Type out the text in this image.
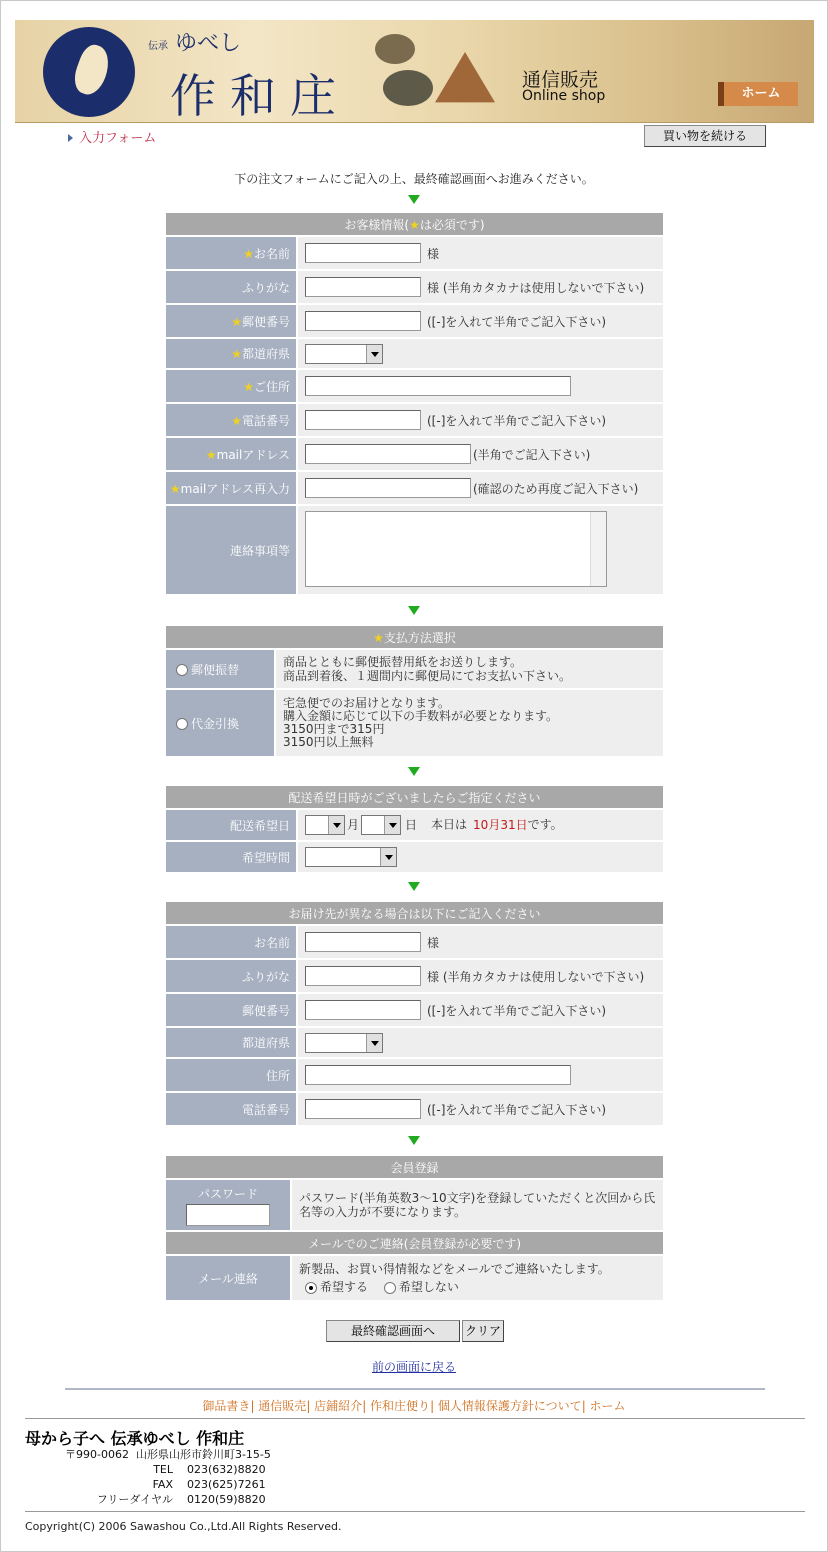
伝承 ゆべし
作和庄	通信販売
Online shop	ホーム
入力フォーム	買い物を続ける
下の注文フォームにご記入の上、最終確認画面へお進みください。
お客様情報(★は必須です)	
★お名前	様
ふりがな	様 (半角カタカナは使用しないで下さい)
★郵便番号	([-]を入れて半角でご記入下さい)
★都道府県	

★ご住所	
★電話番号	([-]を入れて半角でご記入下さい)
★mailアドレス	(半角でご記入下さい)
★mailアドレス再入力	(確認のため再度ご記入下さい)
連絡事項等	
★支払方法選択	
郵便振替	商品とともに郵便振替用紙をお送りします。
商品到着後、１週間内に郵便局にてお支払い下さい。

代金引換	宅急便でのお届けとなります。
購入金額に応じて以下の手数料が必要となります。
3150円まで315円
3150円以上無料
配送希望日時がございましたらご指定ください	
配送希望日	月 日 本日は 10月31日です。
希望時間	
お届け先が異なる場合は以下にご記入ください	
お名前	様
ふりがな	様 (半角カタカナは使用しないで下さい)
郵便番号	([-]を入れて半角でご記入下さい)
都道府県	

住所	
電話番号	([-]を入れて半角でご記入下さい)
会員登録	

パスワード	パスワード(半角英数3〜10文字)を登録していただくと次回から氏名等の入力が不要になります。
メールでのご連絡(会員登録が必要です)	
メール連絡	新製品、お買い得情報などをメールでご連絡いたします。
希望する 希望しない
最終確認画面へ	クリア
前の画面に戻る
御品書き| 通信販売| 店鋪紹介| 作和庄便り| 個人情報保護方針について| ホーム
母から子へ 伝承ゆべし 作和庄
〒990-0062  山形県山形市鈴川町3-15-5
TEL 023(632)8820
FAX 023(625)7261
フリーダイヤル 0120(59)8820
Copyright(C) 2006 Sawashou Co.,Ltd.All Rights Reserved.
